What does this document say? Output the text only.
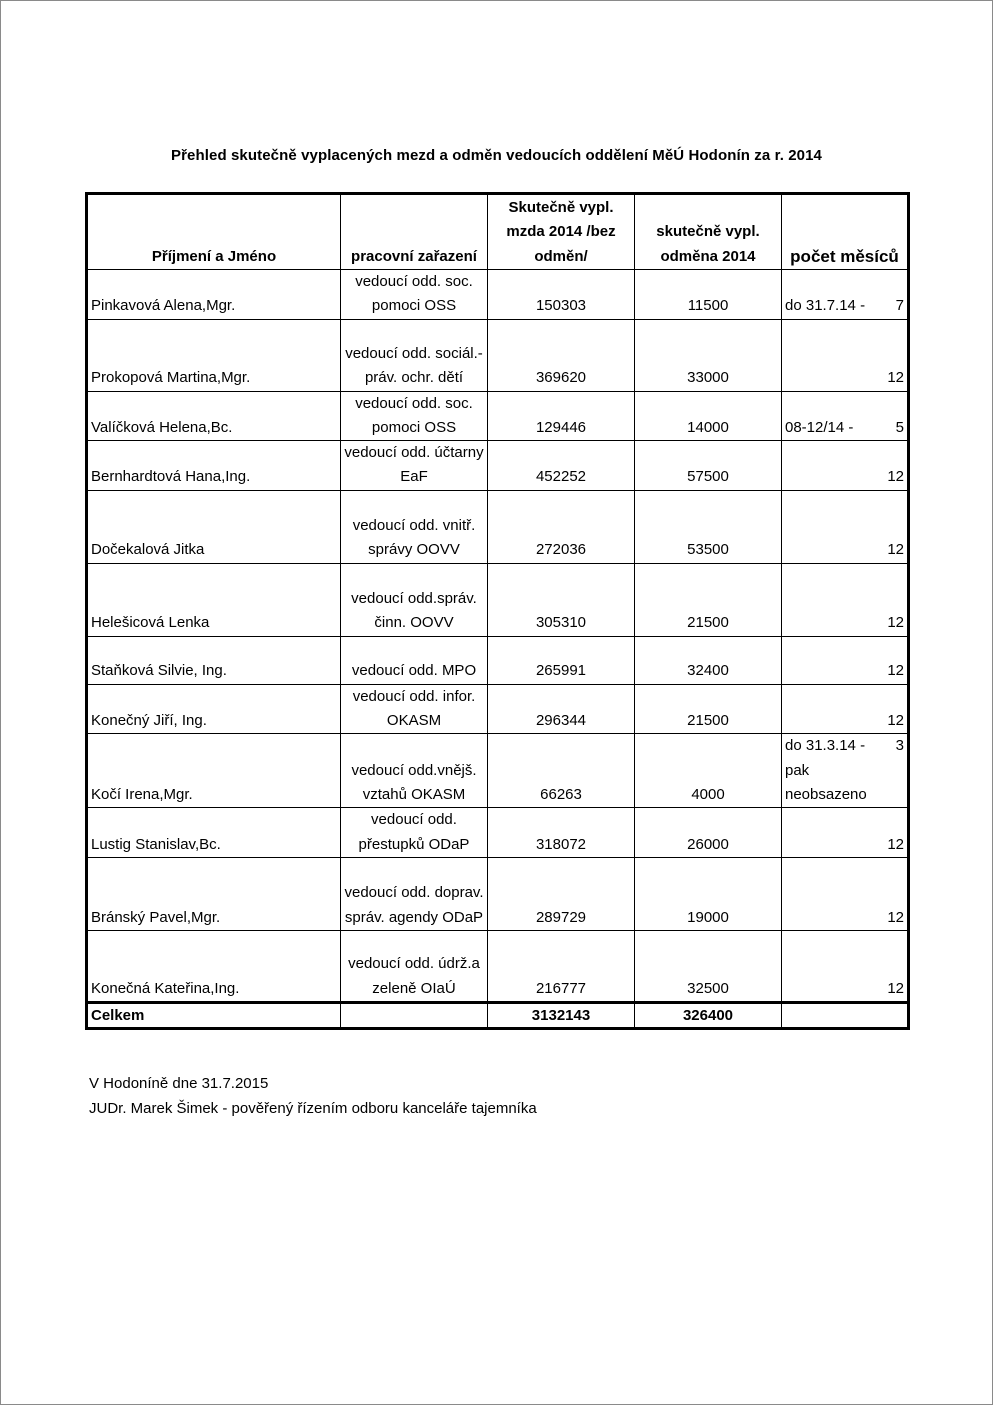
Přehled skutečně vyplacených mezd a odměn vedoucích oddělení MěÚ Hodonín za r. 2014
Příjmení a Jméno	pracovní zařazení	Skutečně vypl. mzda 2014 /bez odměn/	skutečně vypl. odměna 2014	počet měsíců
Pinkavová Alena,Mgr.	vedoucí odd. soc. pomoci OSS	150303	11500	do 31.7.14 - 7

Prokopová Martina,Mgr.	vedoucí odd. sociál.-práv. ochr. dětí	369620	33000	12
Valíčková Helena,Bc.	vedoucí odd. soc. pomoci OSS	129446	14000	08-12/14 - 5

Bernhardtová Hana,Ing.	vedoucí odd. účtarny EaF	452252	57500	12
Dočekalová Jitka	vedoucí odd. vnitř. správy OOVV	272036	53500	12
Helešicová Lenka	vedoucí odd.správ. činn. OOVV	305310	21500	12
Staňková Silvie, Ing.	vedoucí odd. MPO	265991	32400	12
Konečný Jiří, Ing.	vedoucí odd. infor. OKASM	296344	21500	12
Kočí Irena,Mgr.	vedoucí odd.vnějš. vztahů OKASM	66263	4000	do 31.3.14 - 3
pak neobsazeno

Lustig Stanislav,Bc.	vedoucí odd. přestupků ODaP	318072	26000	12
Bránský Pavel,Mgr.	vedoucí odd. doprav. správ. agendy ODaP	289729	19000	12
Konečná Kateřina,Ing.	vedoucí odd. údrž.a zeleně OIaÚ	216777	32500	12
Celkem		3132143	326400	
V Hodoníně dne 31.7.2015
JUDr. Marek Šimek - pověřený řízením odboru kanceláře tajemníka
